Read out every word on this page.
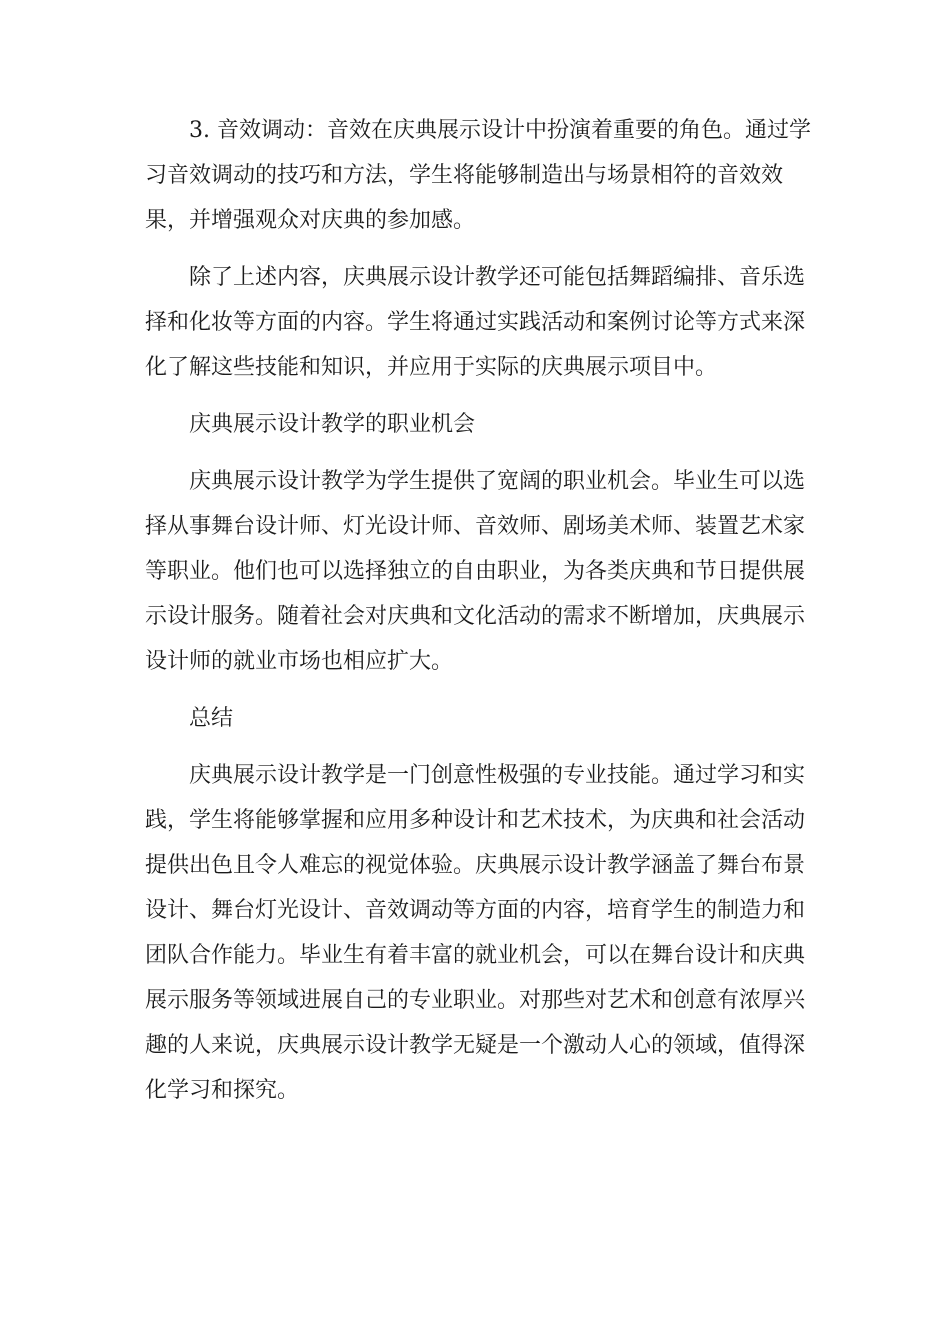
3. 音效调动：音效在庆典展示设计中扮演着重要的角色。通过学习音效调动的技巧和方法，学生将能够制造出与场景相符的音效效果，并增强观众对庆典的参加感。

除了上述内容，庆典展示设计教学还可能包括舞蹈编排、音乐选择和化妆等方面的内容。学生将通过实践活动和案例讨论等方式来深化了解这些技能和知识，并应用于实际的庆典展示项目中。

庆典展示设计教学的职业机会

庆典展示设计教学为学生提供了宽阔的职业机会。毕业生可以选择从事舞台设计师、灯光设计师、音效师、剧场美术师、装置艺术家等职业。他们也可以选择独立的自由职业，为各类庆典和节日提供展示设计服务。随着社会对庆典和文化活动的需求不断增加，庆典展示设计师的就业市场也相应扩大。

总结

庆典展示设计教学是一门创意性极强的专业技能。通过学习和实践，学生将能够掌握和应用多种设计和艺术技术，为庆典和社会活动提供出色且令人难忘的视觉体验。庆典展示设计教学涵盖了舞台布景设计、舞台灯光设计、音效调动等方面的内容，培育学生的制造力和团队合作能力。毕业生有着丰富的就业机会，可以在舞台设计和庆典展示服务等领域进展自己的专业职业。对那些对艺术和创意有浓厚兴趣的人来说，庆典展示设计教学无疑是一个激动人心的领域，值得深化学习和探究。
